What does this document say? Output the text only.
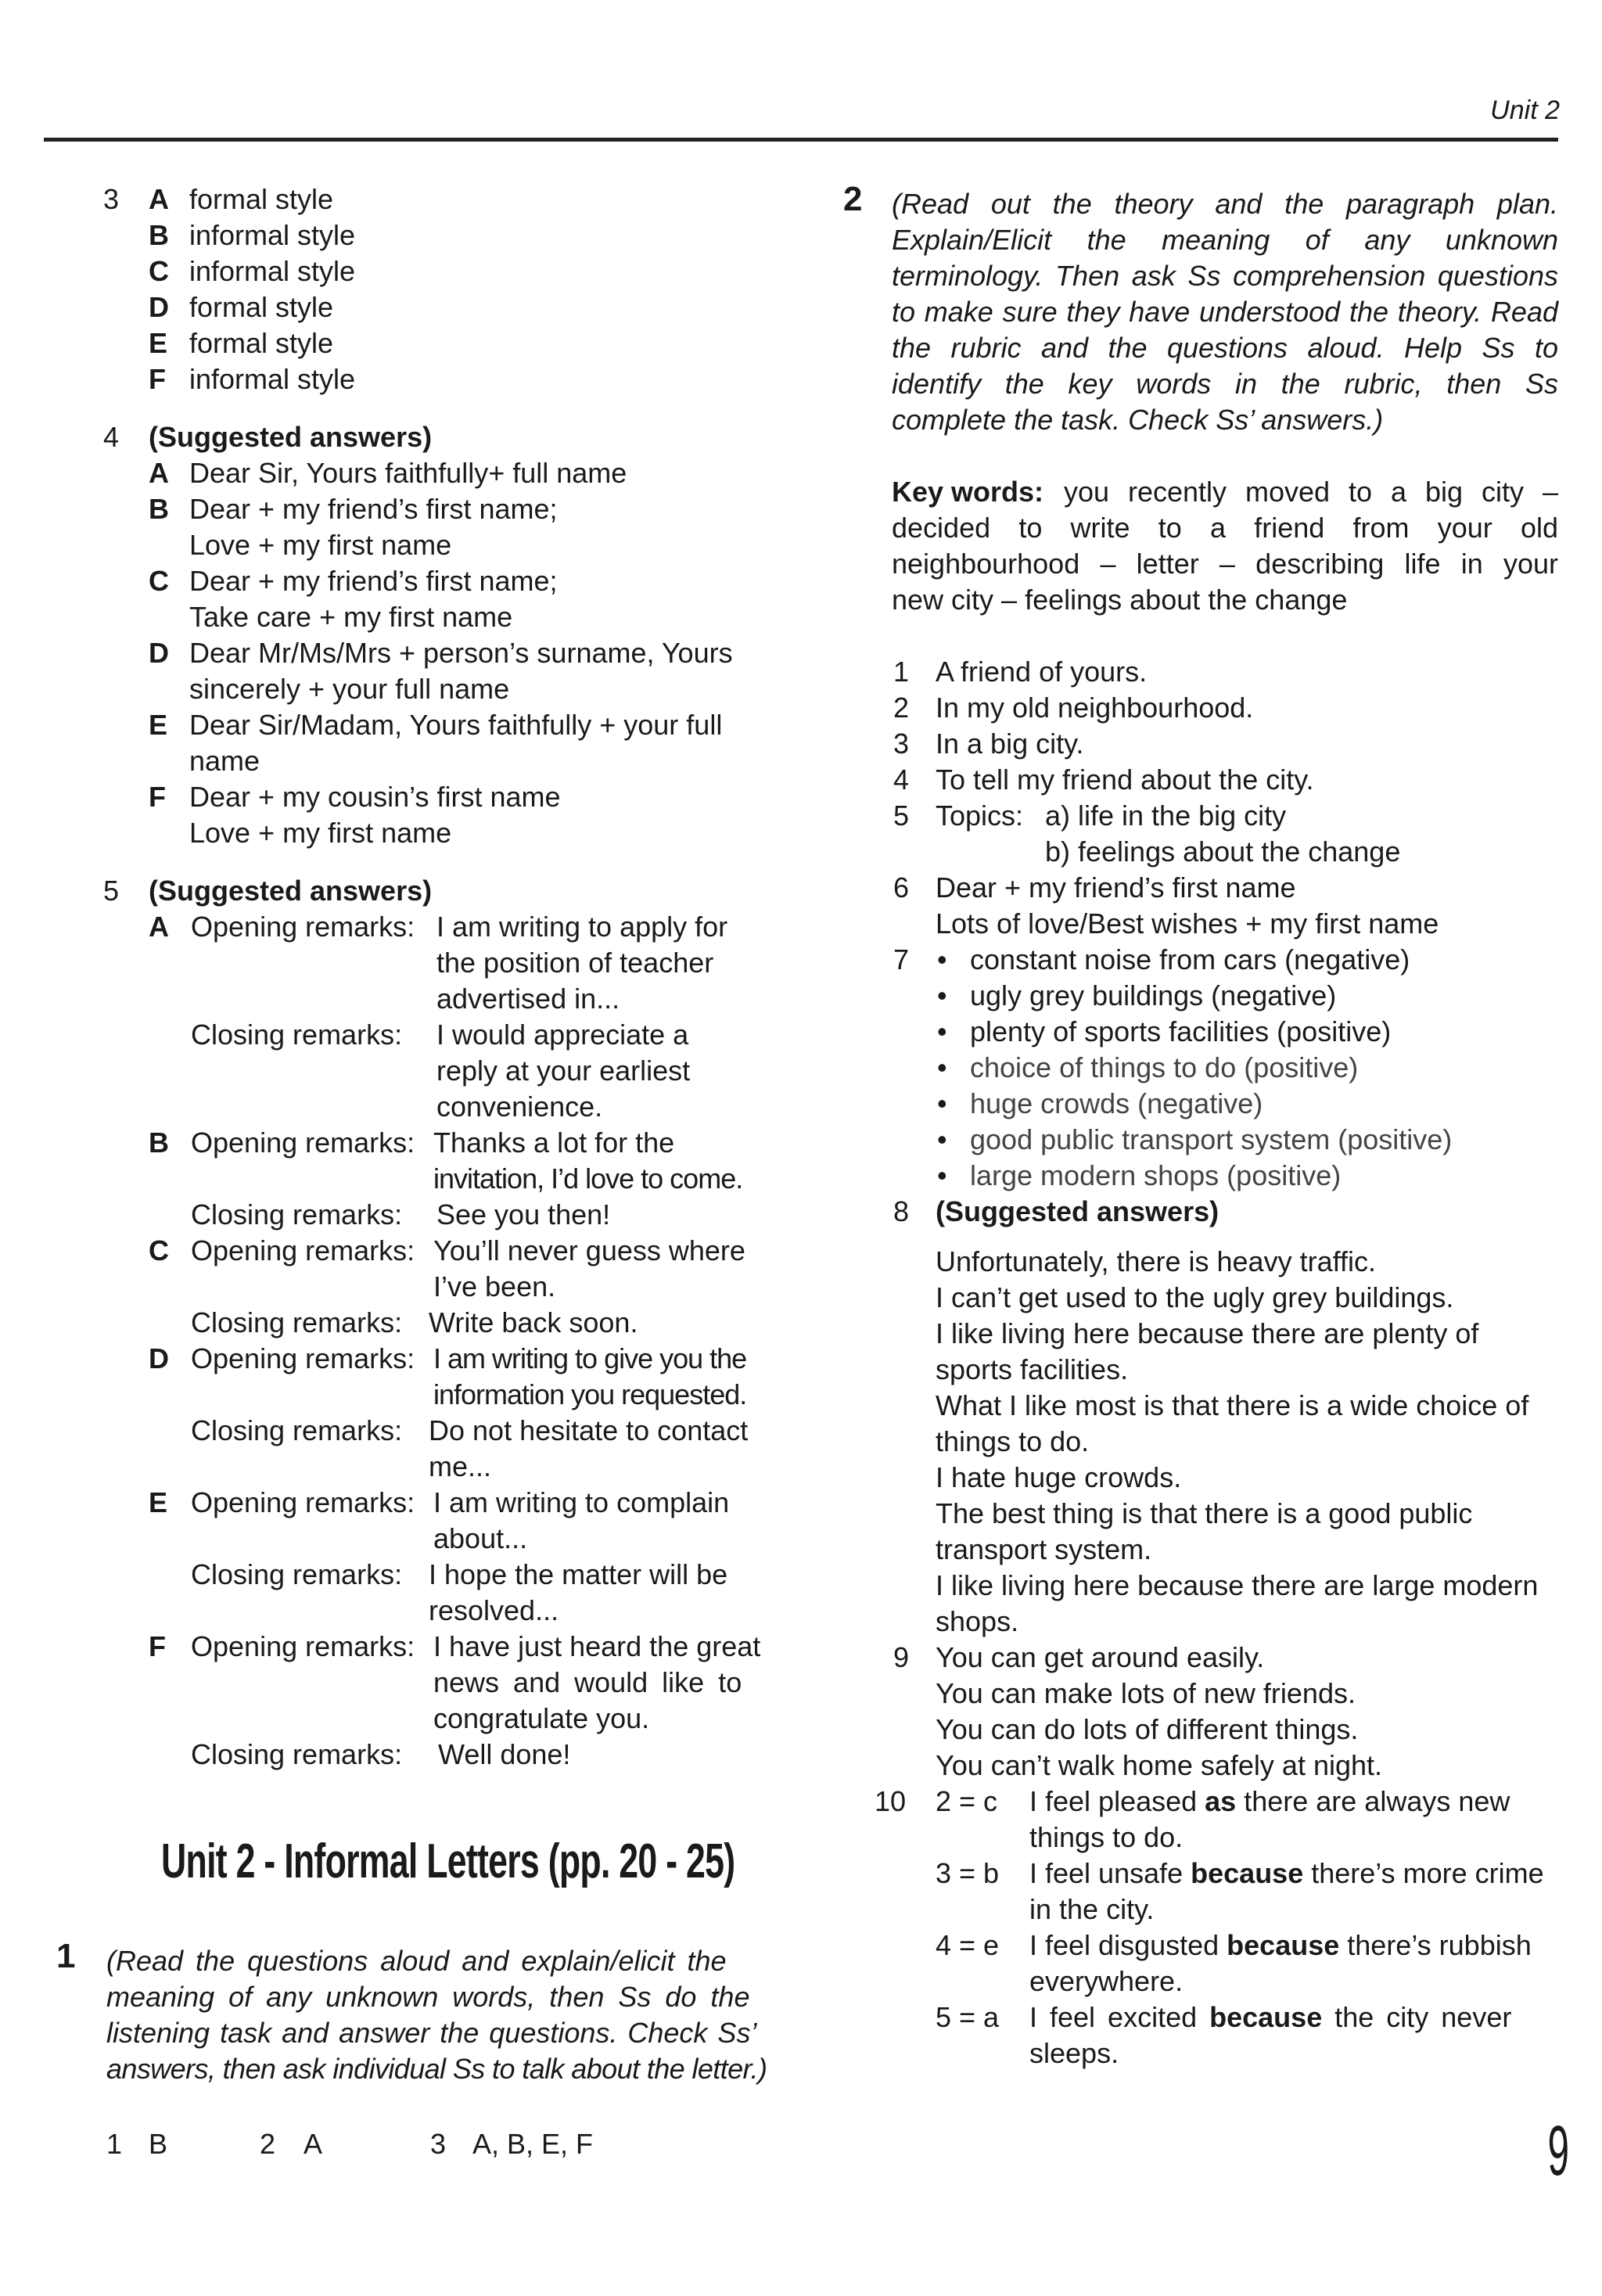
Unit 2
3 A formal style
B informal style
C informal style
D formal style
E formal style
F informal style
4 (Suggested answers)
A Dear Sir, Yours faithfully+ full name
B Dear + my friend’s first name;
Love + my first name
C Dear + my friend’s first name;
Take care + my first name
D Dear Mr/Ms/Mrs + person’s surname, Yours
sincerely + your full name
E Dear Sir/Madam, Yours faithfully + your full
name
F Dear + my cousin’s first name
Love + my first name
5 (Suggested answers)
A Opening remarks: I am writing to apply for
the position of teacher
advertised in...
Closing remarks: I would appreciate a
reply at your earliest
convenience.
B Opening remarks: Thanks a lot for the
invitation, I’d love to come.
Closing remarks: See you then!
C Opening remarks: You’ll never guess where
I’ve been.
Closing remarks: Write back soon.
D Opening remarks: I am writing to give you the
information you requested.
Closing remarks: Do not hesitate to contact
me...
E Opening remarks: I am writing to complain
about...
Closing remarks: I hope the matter will be
resolved...
F Opening remarks: I have just heard the great
news and would like to
congratulate you.
Closing remarks: Well done!
Unit 2 - Informal Letters (pp. 20 - 25)
1 (Read the questions aloud and explain/elicit the
meaning of any unknown words, then Ss do the
listening task and answer the questions. Check Ss’
answers, then ask individual Ss to talk about the letter.)
1 B	2 A	3 A, B, E, F
2 (Read out the theory and the paragraph plan.
Explain/Elicit the meaning of any unknown
terminology. Then ask Ss comprehension questions
to make sure they have understood the theory. Read
the rubric and the questions aloud. Help Ss to
identify the key words in the rubric, then Ss
complete the task. Check Ss’ answers.)
Key words: you recently moved to a big city –
decided to write to a friend from your old
neighbourhood – letter – describing life in your
new city – feelings about the change
1 A friend of yours.
2 In my old neighbourhood.
3 In a big city.
4 To tell my friend about the city.
5 Topics: a) life in the big city
b) feelings about the change
6 Dear + my friend’s first name
Lots of love/Best wishes + my first name
7 • constant noise from cars (negative)
• ugly grey buildings (negative)
• plenty of sports facilities (positive)
• choice of things to do (positive)
• huge crowds (negative)
• good public transport system (positive)
• large modern shops (positive)
8 (Suggested answers)
Unfortunately, there is heavy traffic.
I can’t get used to the ugly grey buildings.
I like living here because there are plenty of
sports facilities.
What I like most is that there is a wide choice of
things to do.
I hate huge crowds.
The best thing is that there is a good public
transport system.
I like living here because there are large modern
shops.
9 You can get around easily.
You can make lots of new friends.
You can do lots of different things.
You can’t walk home safely at night.
10 2 = c I feel pleased as there are always new
things to do.
3 = b I feel unsafe because there’s more crime
in the city.
4 = e I feel disgusted because there’s rubbish
everywhere.
5 = a I feel excited because the city never
sleeps.
9
